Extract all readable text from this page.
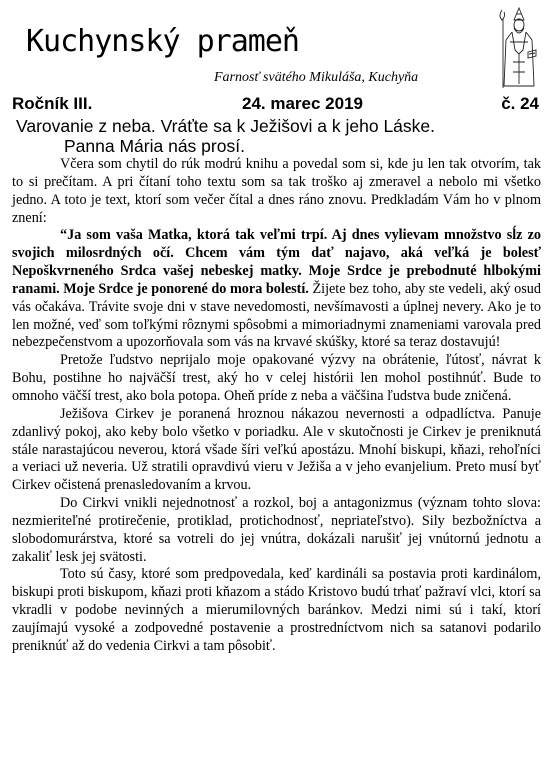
Kuchynský prameň
Farnosť svätého Mikuláša, Kuchyňa
Ročník III.	24. marec 2019	č. 24
Varovanie z neba. Vráťte sa k Ježišovi a k jeho Láske.
Panna Mária nás prosí.

Včera som chytil do rúk modrú knihu a povedal som si, kde ju len tak otvorím, tak to si prečítam. A pri čítaní toho textu som sa tak troško aj zmeravel a nebolo mi všetko jedno. A toto je text, ktorí som večer čítal a dnes ráno znovu. Predkladám Vám ho v plnom znení:

“Ja som vaša Matka, ktorá tak veľmi trpí. Aj dnes vylievam množstvo sĺz zo svojich milosrdných očí. Chcem vám tým dať najavo, aká veľká je bolesť Nepoškvrneného Srdca vašej nebeskej matky. Moje Srdce je prebodnuté hlbokými ranami. Moje Srdce je ponorené do mora bolestí. Žijete bez toho, aby ste vedeli, aký osud vás očakáva. Trávite svoje dni v stave nevedomosti, nevšímavosti a úplnej nevery. Ako je to len možné, veď som toľkými rôznymi spôsobmi a mimoriadnymi znameniami varovala pred nebezpečenstvom a upozorňovala som vás na krvavé skúšky, ktoré sa teraz dostavujú!

Pretože ľudstvo neprijalo moje opakované výzvy na obrátenie, ľútosť, návrat k Bohu, postihne ho najväčší trest, aký ho v celej histórii len mohol postihnúť. Bude to omnoho väčší trest, ako bola potopa. Oheň príde z neba a väčšina ľudstva bude zničená.

Ježišova Cirkev je poranená hroznou nákazou nevernosti a odpadlíctva. Panuje zdanlivý pokoj, ako keby bolo všetko v poriadku. Ale v skutočnosti je Cirkev je preniknutá stále narastajúcou neverou, ktorá všade šíri veľkú apostázu. Mnohí biskupi, kňazi, rehoľníci a veriaci už neveria. Už stratili opravdivú vieru v Ježiša a v jeho evanjelium. Preto musí byť Cirkev očistená prenasledovaním a krvou.

Do Cirkvi vnikli nejednotnosť a rozkol, boj a antagonizmus (význam tohto slova: nezmieriteľné protirečenie, protiklad, protichodnosť, nepriateľstvo). Sily bezbožníctva a slobodomurárstva, ktoré sa votreli do jej vnútra, dokázali narušiť jej vnútornú jednotu a zakaliť lesk jej svätosti.

Toto sú časy, ktoré som predpovedala, keď kardináli sa postavia proti kardinálom, biskupi proti biskupom, kňazi proti kňazom a stádo Kristovo budú trhať pažraví vlci, ktorí sa vkradli v podobe nevinných a mierumilovných baránkov. Medzi nimi sú i takí, ktorí zaujímajú vysoké a zodpovedné postavenie a prostredníctvom nich sa satanovi podarilo preniknúť až do vedenia Cirkvi a tam pôsobiť.
